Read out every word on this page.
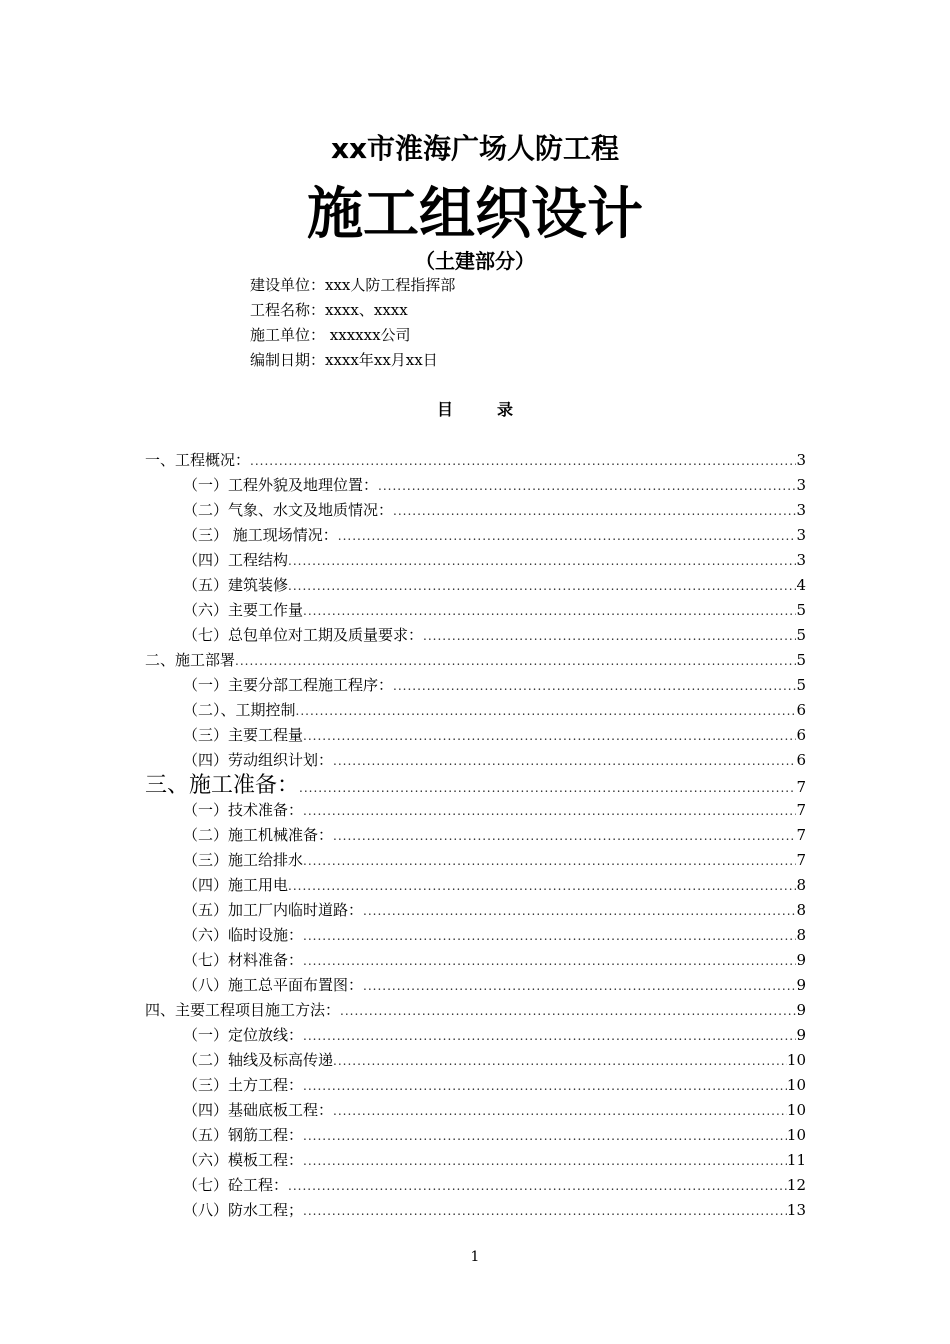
xx市淮海广场人防工程
施工组织设计
（土建部分）
建设单位：xxx人防工程指挥部
工程名称：xxxx、xxxx
施工单位： xxxxxx公司
编制日期：xxxx年xx月xx日
目录
一、工程概况： .....	3
（一）工程外貌及地理位置： .....	3
（二）气象、水文及地质情况： .....	3
（三） 施工现场情况： .....	3
（四）工程结构 .....	3
（五）建筑装修 .....	4
（六）主要工作量 .....	5
（七）总包单位对工期及质量要求： .....	5
二、施工部署 .....	5
（一）主要分部工程施工程序： .....	5
（二）、工期控制 .....	6
（三）主要工程量 .....	6
（四）劳动组织计划： .....	6
三、施工准备： .....	7
（一）技术准备： .....	7
（二）施工机械准备： .....	7
（三）施工给排水 .....	7
（四）施工用电 .....	8
（五）加工厂内临时道路： .....	8
（六）临时设施： .....	8
（七）材料准备： .....	9
（八）施工总平面布置图： .....	9
四、主要工程项目施工方法： .....	9
（一）定位放线： .....	9
（二）轴线及标高传递 .....	10
（三）土方工程： .....	10
（四）基础底板工程： .....	10
（五）钢筋工程： .....	10
（六）模板工程： .....	11
（七）砼工程： .....	12
（八）防水工程； .....	13
1
